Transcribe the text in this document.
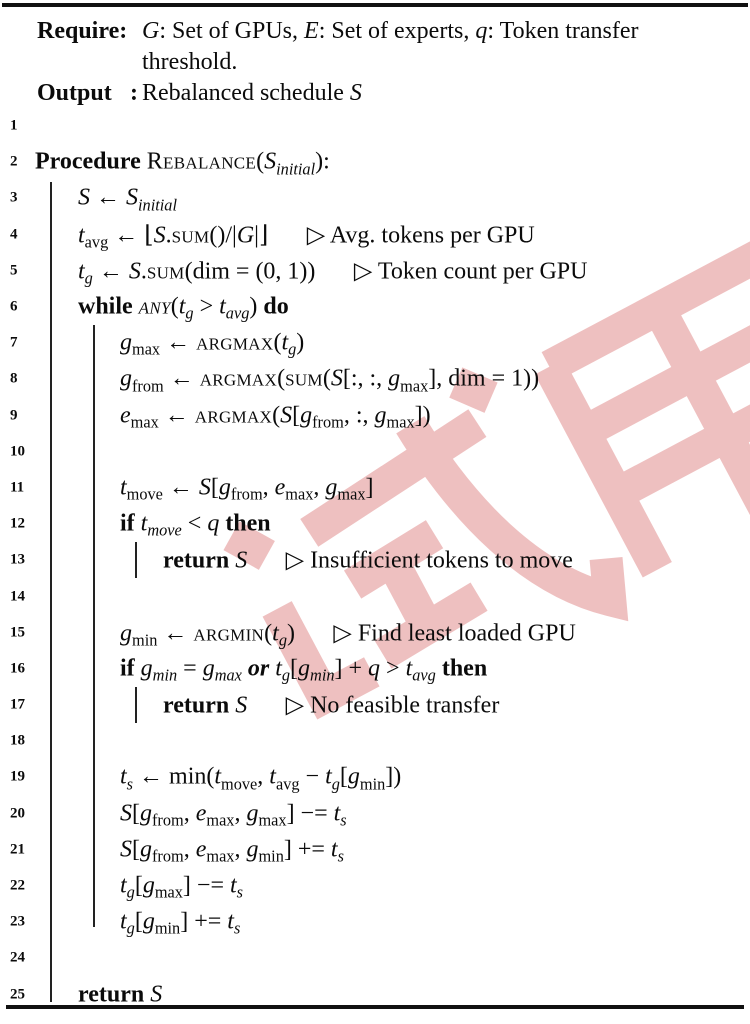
Require: G: Set of GPUs, E: Set of experts, q: Token transfer threshold.
Output : Rebalanced schedule S
1
2 Procedure $Rebalance(S_{initial})$:
3	S ← $S_{initial}$
4	$t_{avg}$ ← ⌊S.sum()/|G|⌋ ▷ Avg. tokens per GPU
5	$t_g$ ← S.sum(dim = (0, 1)) ▷ Token count per GPU
6	while $any(t_g > t_{avg})$ do
7	$g_{max}$ ← $argmax(t_g)$
8	$g_{from}$ ← argmax(sum(S[:, :, $g_{max}$], dim = 1))
9	$e_{max}$ ← $argmax(S[g_{from}$, :, $g_{max}$])
10
11	$t_{move}$ ← $S[g_{from}$, $e_{max}$, $g_{max}$]
12	if $t_{move} < q$ then
13	return S ▷ Insufficient tokens to move
14
15	$g_{min}$ ← $argmin(t_g)$ ▷ Find least loaded GPU
16	if $g_{min} = g_{max}$ or $t_g[g_{min}] + q > t_{avg}$ then
17	return S ▷ No feasible transfer
18
19	$t_s$ ← $\min(t_{move}$, $t_{avg} - t_g[g_{min}]$)
20	$S[g_{from}$, $e_{max}$, $g_{max}] -= t_s$
21	$S[g_{from}$, $e_{max}$, $g_{min}] += t_s$
22	$t_g[g_{max}] -= t_s$
23	$t_g[g_{min}] += t_s$
24
25 return S
